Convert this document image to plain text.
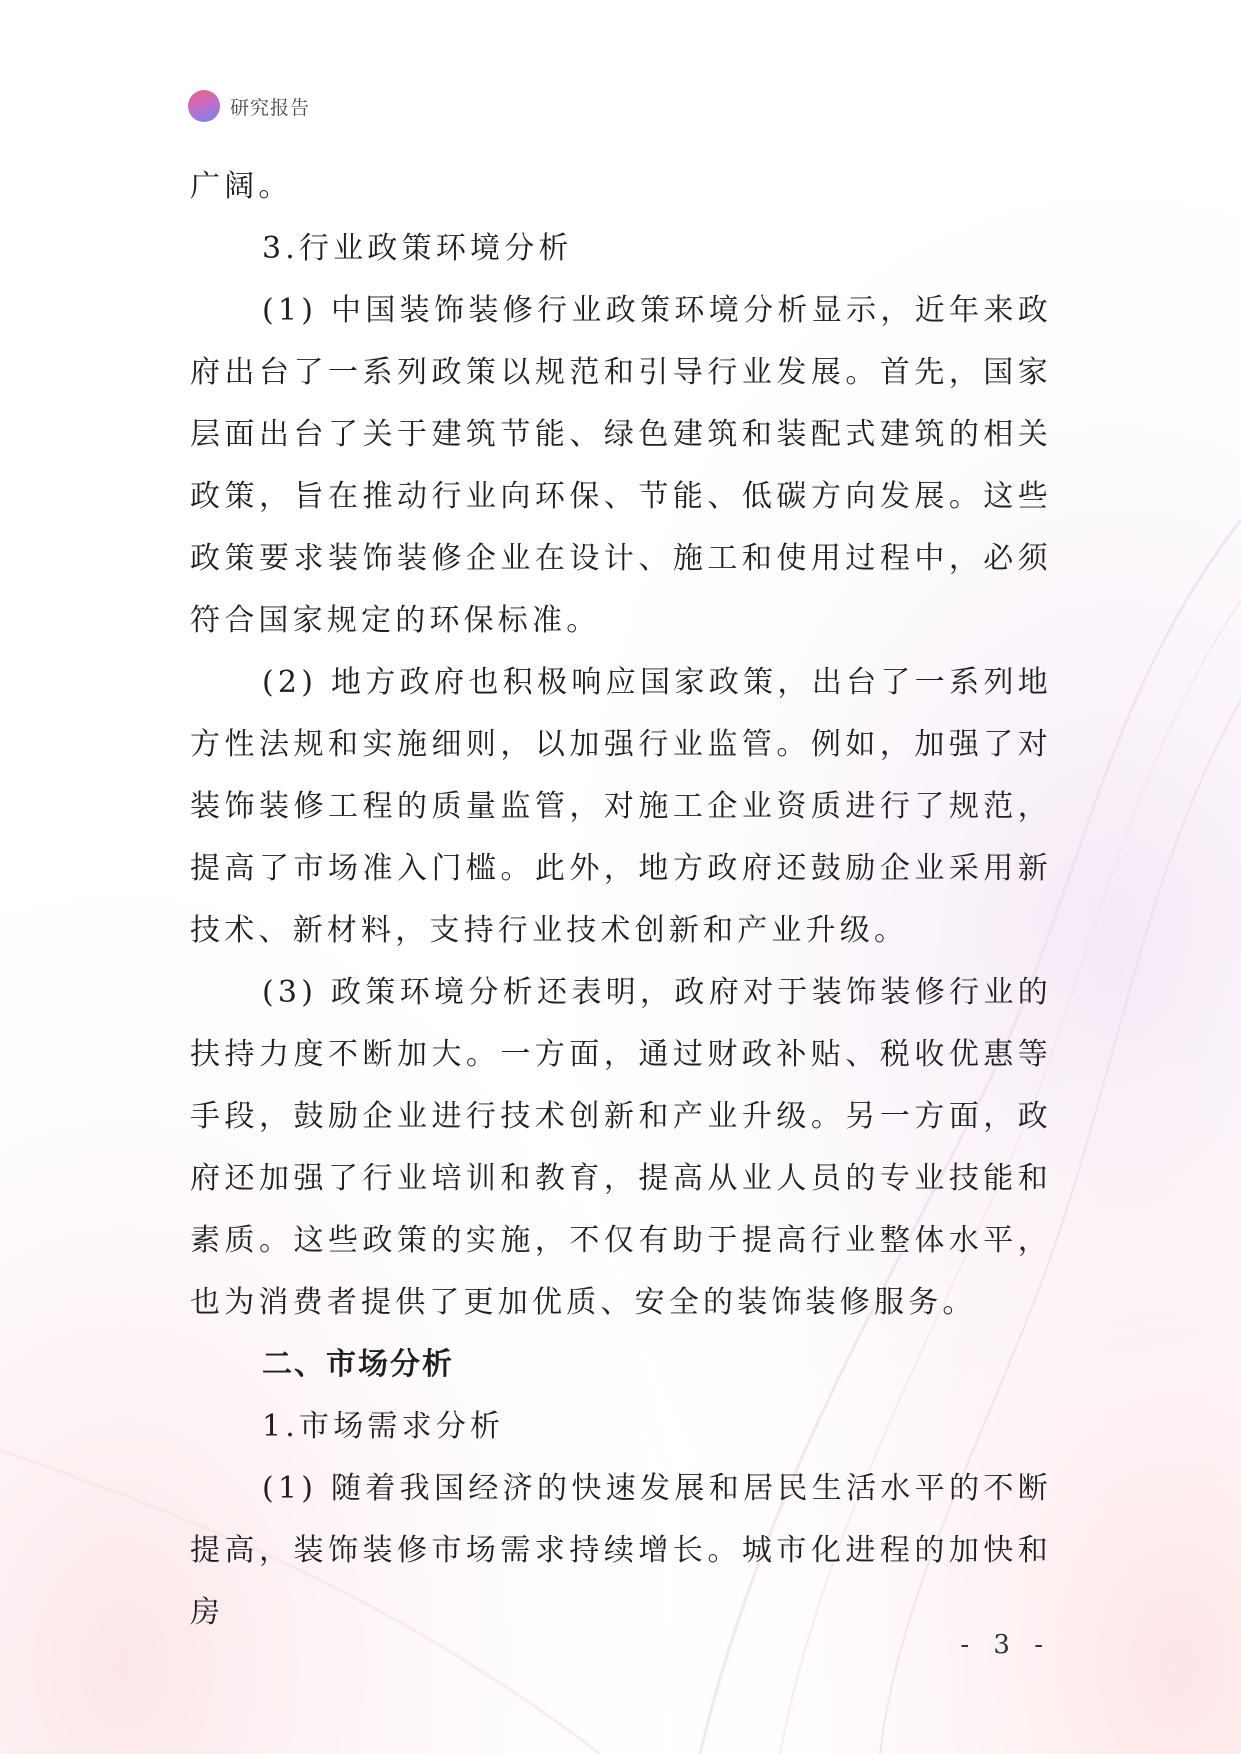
研究报告

广阔。

3.行业政策环境分析

(1) 中国装饰装修行业政策环境分析显示，近年来政府出台了一系列政策以规范和引导行业发展。首先，国家层面出台了关于建筑节能、绿色建筑和装配式建筑的相关政策，旨在推动行业向环保、节能、低碳方向发展。这些政策要求装饰装修企业在设计、施工和使用过程中，必须符合国家规定的环保标准。

(2) 地方政府也积极响应国家政策，出台了一系列地方性法规和实施细则，以加强行业监管。例如，加强了对装饰装修工程的质量监管，对施工企业资质进行了规范，提高了市场准入门槛。此外，地方政府还鼓励企业采用新技术、新材料，支持行业技术创新和产业升级。

(3) 政策环境分析还表明，政府对于装饰装修行业的扶持力度不断加大。一方面，通过财政补贴、税收优惠等手段，鼓励企业进行技术创新和产业升级。另一方面，政府还加强了行业培训和教育，提高从业人员的专业技能和素质。这些政策的实施，不仅有助于提高行业整体水平，也为消费者提供了更加优质、安全的装饰装修服务。

二、市场分析

1.市场需求分析

(1) 随着我国经济的快速发展和居民生活水平的不断提高，装饰装修市场需求持续增长。城市化进程的加快和房

- 3 -
